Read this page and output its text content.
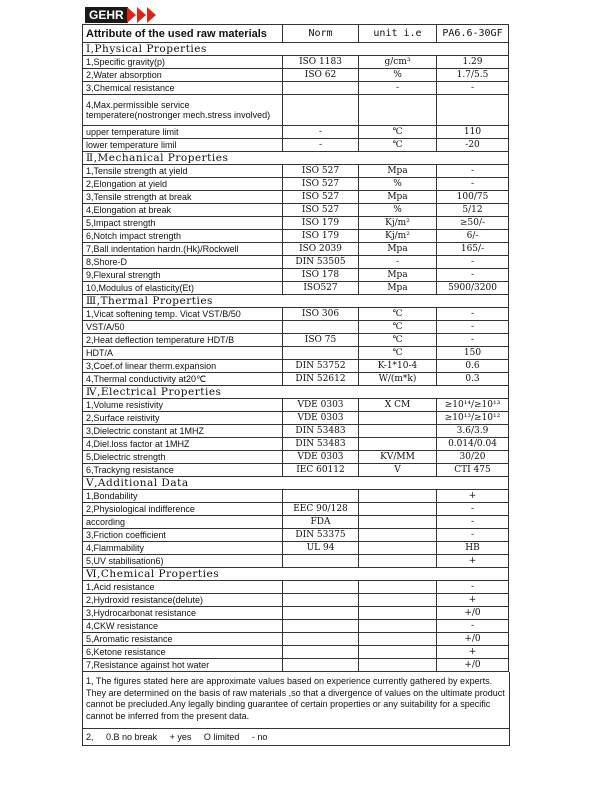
GEHR
Attribute of the used raw materials	Norm	unit i.e	PA6.6-30GF
Ⅰ,Physical Properties			
1,Specific gravity(p)	ISO 1183	g/cm³	1.29
2,Water absorption	ISO 62	%	1.7/5.5
3,Chemical resistance		-	-
4,Max.permissible service temperatere(nostronger mech.stress involved)			
upper temperature limit	-	℃	110
lower temperature limil	-	℃	-20
Ⅱ,Mechanical Properties			
1,Tensile strength at yield	ISO 527	Mpa	-
2,Elongation at yield	ISO 527	%	-
3,Tensile strength at break	ISO 527	Mpa	100/75
4,Elongation at break	ISO 527	%	5/12
5,Impact strength	ISO 179	Kj/m²	≥50/-
6,Notch impact strength	ISO 179	Kj/m²	6/-
7,Ball indentation hardn.(Hk)/Rockwell	ISO 2039	Mpa	165/-
8,Shore-D	DIN 53505	-	-
9,Flexural strength	ISO 178	Mpa	-
10,Modulus of elasticity(Et)	ISO527	Mpa	5900/3200
Ⅲ,Thermal Properties			
1,Vicat softening temp. Vicat VST/B/50	ISO 306	℃	-
VST/A/50		℃	-
2,Heat deflection temperature HDT/B	ISO 75	℃	-
HDT/A		℃	150
3,Coef.of linear therm.expansion	DIN 53752	K-1*10-4	0.6
4,Thermal conductivity at20℃	DIN 52612	W/(m*k)	0.3
Ⅳ,Electrical Properties			
1,Volume resistivity	VDE 0303	X CM	≥10¹⁴/≥10¹³
2,Surface reistivity	VDE 0303		≥10¹³/≥10¹²
3,Dielectric constant at 1MHZ	DIN 53483		3.6/3.9
4,Diel.loss factor at 1MHZ	DIN 53483		0.014/0.04
5,Dielectric strength	VDE 0303	KV/MM	30/20
6,Trackyng resistance	IEC 60112	V	CTI 475
Ⅴ,Additional Data			
1,Bondability			+
2,Physiological indifference	EEC 90/128		-
according	FDA		-
3,Friction coefficient	DIN 53375		-
4,Flammability	UL 94		HB
5,UV stabilisation6)			+
Ⅵ,Chemical Properties			
1,Acid resistance			-
2,Hydroxid resistance(delute)			+
3,Hydrocarbonat resistance			+/0
4,CKW resistance			-
5,Aromatic resistance			+/0
6,Ketone resistance			+
7,Resistance against hot water			+/0
1, The figures stated here are approximate values based on experience currently gathered by experts. They are determined on the basis of raw materials ,so that a divergence of values on the ultimate product cannot be precluded.Any legally binding guarantee of certain properties or any suitability for a specific cannot be inferred from the present data.
2, 0.B no break + yes O limited - no
